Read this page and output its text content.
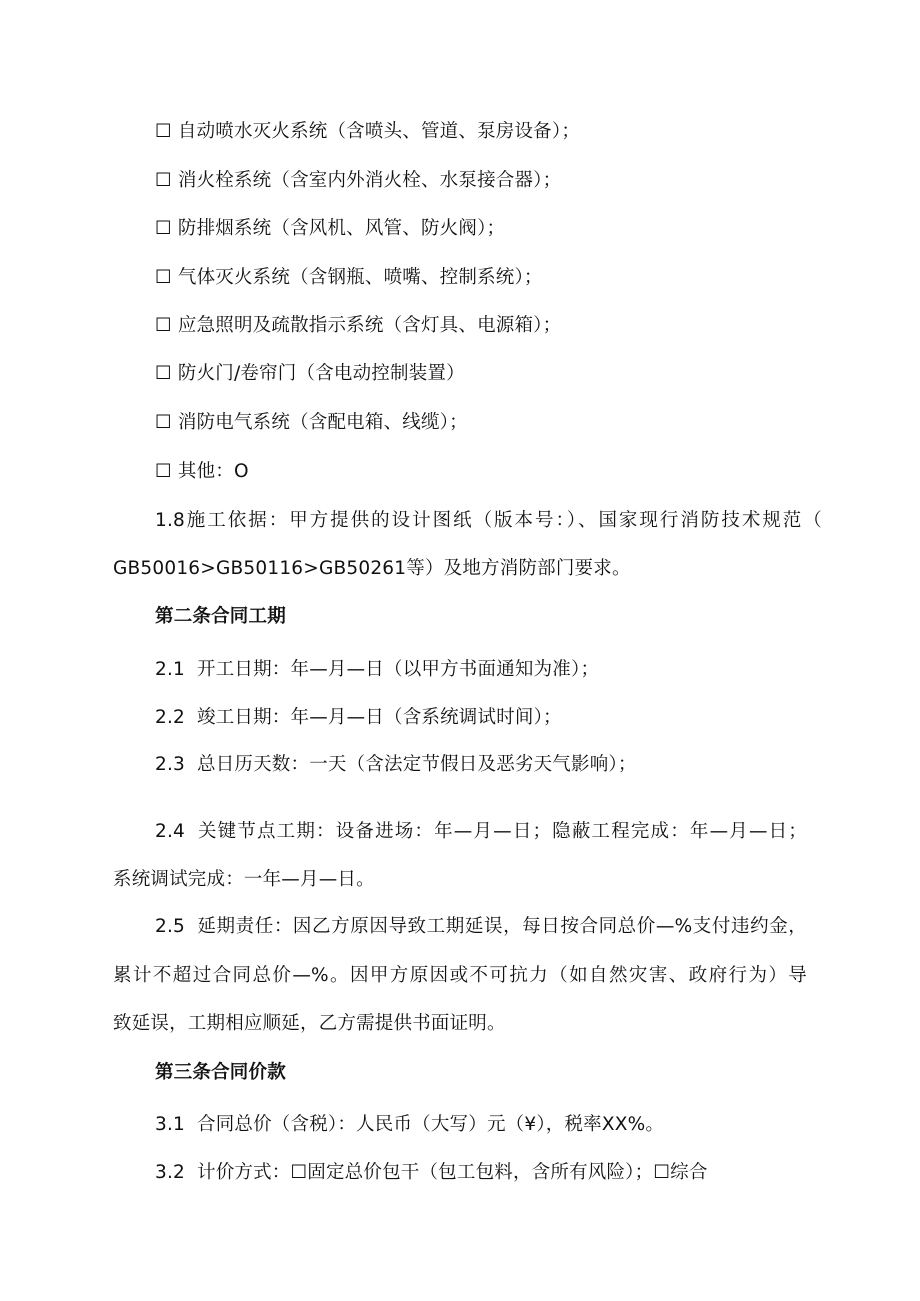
☐ 自动喷水灭火系统（含喷头、管道、泵房设备）；
☐ 消火栓系统（含室内外消火栓、水泵接合器）；
☐ 防排烟系统（含风机、风管、防火阀）；
☐ 气体灭火系统（含钢瓶、喷嘴、控制系统）；
☐ 应急照明及疏散指示系统（含灯具、电源箱）；
☐ 防火门/卷帘门（含电动控制装置）
☐ 消防电气系统（含配电箱、线缆）；
☐ 其他：O
1.8施工依据：甲方提供的设计图纸（版本号：）、国家现行消防技术规范（
GB50016>GB50116>GB50261等）及地方消防部门要求。
第二条合同工期
2.1 开工日期：年—月—日（以甲方书面通知为准）；
2.2 竣工日期：年—月—日（含系统调试时间）；
2.3 总日历天数：一天（含法定节假日及恶劣天气影响）；
2.4 关键节点工期：设备进场：年—月—日；隐蔽工程完成：年—月—日；
系统调试完成：一年—月—日。
2.5 延期责任：因乙方原因导致工期延误，每日按合同总价—%支付违约金，
累计不超过合同总价—%。因甲方原因或不可抗力（如自然灾害、政府行为）导
致延误，工期相应顺延，乙方需提供书面证明。
第三条合同价款
3.1 合同总价（含税）：人民币（大写）元（¥），税率XX%。
3.2 计价方式：☐固定总价包干（包工包料，含所有风险）；☐综合
